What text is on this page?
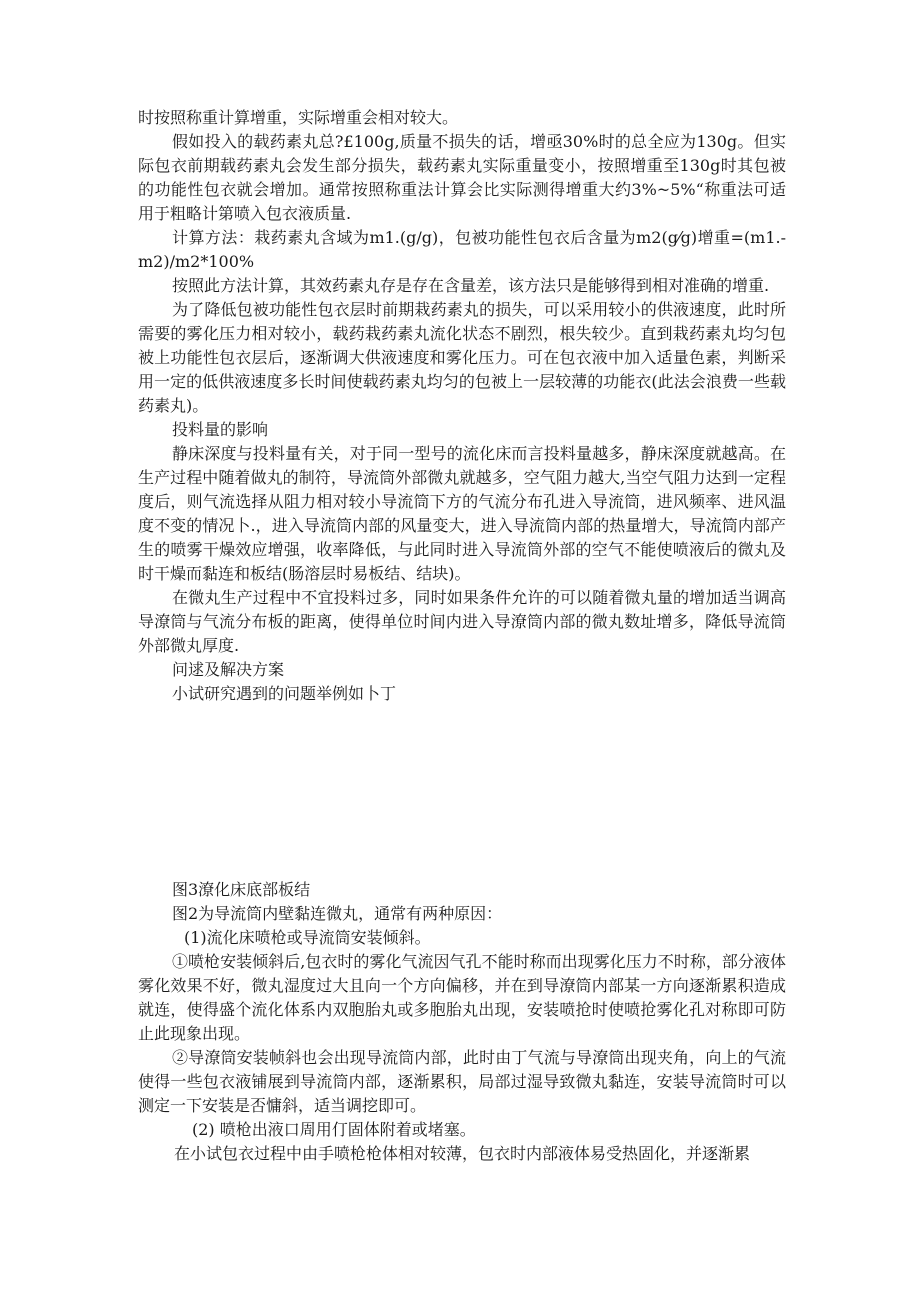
时按照称重计算增重，实际增重会相对较大。

假如投入的载药素丸总?£100g,质量不损失的话，增亟30%时的总全应为130g。但实际包衣前期载药素丸会发生部分损失，载药素丸实际重量变小，按照增重至130g时其包被的功能性包衣就会增加。通常按照称重法计算会比实际测得增重大约3%~5%“称重法可适用于粗略计第喷入包衣液质量.

计算方法：栽药素丸含域为m1.(g/g)，包被功能性包衣后含量为m2(g⁄g)增重=(m1.-m2)/m2*100%

按照此方法计算，其效药素丸存是存在含量差，该方法只是能够得到相对准确的增重.

为了降低包被功能性包衣层时前期栽药素丸的损失，可以采用较小的供液速度，此时所需要的雾化压力相对较小，载药栽药素丸流化状态不剧烈，根失较少。直到栽药素丸均匀包被上功能性包衣层后，逐渐调大供液速度和雾化压力。可在包衣液中加入适量色素，判断采用一定的低供液速度多长时间使载药素丸均匀的包被上一层较薄的功能衣(此法会浪费一些载药素丸)。

投料量的影响

静床深度与投料量有关，对于同一型号的流化床而言投料量越多，静床深度就越高。在生产过程中随着做丸的制符，导流筒外部微丸就越多，空气阻力越大,当空气阻力达到一定程度后，则气流选择从阻力相对较小导流筒下方的气流分布孔进入导流筒，进风频率、进风温度不变的情况卜.，进入导流筒内部的风量变大，进入导流筒内部的热量增大，导流筒内部产生的喷雾干燥效应增强，收率降低，与此同时进入导流筒外部的空气不能使喷液后的微丸及时干燥而黏连和板结(肠溶层时易板结、结块)。

在微丸生产过程中不宜投料过多，同时如果条件允许的可以随着微丸量的增加适当调高导潦筒与气流分布板的距离，使得单位时间内进入导潦筒内部的微丸数址增多，降低导流筒外部微丸厚度.

问逑及解决方案

小试研究遇到的问题举例如卜丁

图3潦化床底部板结

图2为导流筒内壁黏连微丸，通常有两种原因：

(1)流化床喷枪或导流筒安装倾斜。

①喷枪安装倾斜后,包衣时的雾化气流因气孔不能时称而出现雾化压力不时称，部分液体雾化效果不好，微丸湿度过大且向一个方向偏移，并在到导潦筒内部某一方向逐渐累积造成就连，使得盛个流化体系内双胞胎丸或多胞胎丸出现，安装喷抢时使喷抢雾化孔对称即可防止此现象出现。

②导潦筒安装帧斜也会出现导流筒内部，此时由丁气流与导潦筒出现夹角，向上的气流使得一些包衣液铺展到导流筒内部，逐渐累积，局部过湿导致微丸黏连，安装导流筒时可以测定一下安装是否慵斜，适当调挖即可。

(2) 喷枪出液口周用仃固体附着或堵塞。

在小试包衣过程中由手喷枪枪体相对较薄，包衣时内部液体易受热固化，并逐渐累
